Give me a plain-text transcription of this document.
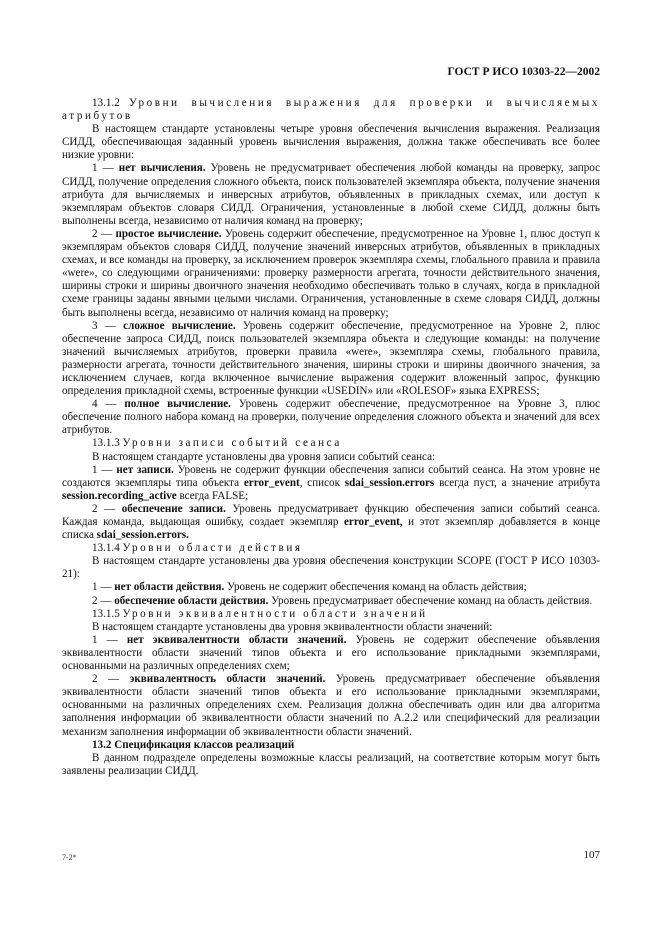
ГОСТ Р ИСО 10303-22—2002

13.1.2 Уровни вычисления выражения для проверки и вычисляемых атрибутов

В настоящем стандарте установлены четыре уровня обеспечения вычисления выражения. Реализация СИДД, обеспечивающая заданный уровень вычисления выражения, должна также обеспечивать все более низкие уровни:

1 — нет вычисления. Уровень не предусматривает обеспечения любой команды на проверку, запрос СИДД, получение определения сложного объекта, поиск пользователей экземпляра объекта, получение значения атрибута для вычисляемых и инверсных атрибутов, объявленных в прикладных схемах, или доступ к экземплярам объектов словаря СИДД. Ограничения, установленные в любой схеме СИДД, должны быть выполнены всегда, независимо от наличия команд на проверку;

2 — простое вычисление. Уровень содержит обеспечение, предусмотренное на Уровне 1, плюс доступ к экземплярам объектов словаря СИДД, получение значений инверсных атрибутов, объявленных в прикладных схемах, и все команды на проверку, за исключением проверок экземпляра схемы, глобального правила и правила «were», со следующими ограничениями: проверку размерности агрегата, точности действительного значения, ширины строки и ширины двоичного значения необходимо обеспечивать только в случаях, когда в прикладной схеме границы заданы явными целыми числами. Ограничения, установленные в схеме словаря СИДД, должны быть выполнены всегда, независимо от наличия команд на проверку;

3 — сложное вычисление. Уровень содержит обеспечение, предусмотренное на Уровне 2, плюс обеспечение запроса СИДД, поиск пользователей экземпляра объекта и следующие команды: на получение значений вычисляемых атрибутов, проверки правила «were», экземпляра схемы, глобального правила, размерности агрегата, точности действительного значения, ширины строки и ширины двоичного значения, за исключением случаев, когда включенное вычисление выражения содержит вложенный запрос, функцию определения прикладной схемы, встроенные функции «USEDIN» или «ROLESOF» языка EXPRESS;

4 — полное вычисление. Уровень содержит обеспечение, предусмотренное на Уровне 3, плюс обеспечение полного набора команд на проверки, получение определения сложного объекта и значений для всех атрибутов.

13.1.3 Уровни записи событий сеанса

В настоящем стандарте установлены два уровня записи событий сеанса:

1 — нет записи. Уровень не содержит функции обеспечения записи событий сеанса. На этом уровне не создаются экземпляры типа объекта error_event, список sdai_session.errors всегда пуст, а значение атрибута session.recording_active всегда FALSE;

2 — обеспечение записи. Уровень предусматривает функцию обеспечения записи событий сеанса. Каждая команда, выдающая ошибку, создает экземпляр error_event, и этот экземпляр добавляется в конце списка sdai_session.errors.

13.1.4 Уровни области действия

В настоящем стандарте установлены два уровня обеспечения конструкции SCOPE (ГОСТ Р ИСО 10303-21):

1 — нет области действия. Уровень не содержит обеспечения команд на область действия;

2 — обеспечение области действия. Уровень предусматривает обеспечение команд на область действия.

13.1.5 Уровни эквивалентности области значений

В настоящем стандарте установлены два уровня эквивалентности области значений:

1 — нет эквивалентности области значений. Уровень не содержит обеспечение объявления эквивалентности области значений типов объекта и его использование прикладными экземплярами, основанными на различных определениях схем;

2 — эквивалентность области значений. Уровень предусматривает обеспечение объявления эквивалентности области значений типов объекта и его использование прикладными экземплярами, основанными на различных определениях схем. Реализация должна обеспечивать один или два алгоритма заполнения информации об эквивалентности области значений по А.2.2 или специфический для реализации механизм заполнения информации об эквивалентности области значений.

13.2 Спецификация классов реализаций

В данном подразделе определены возможные классы реализаций, на соответствие которым могут быть заявлены реализации СИДД.

7-2*	107
